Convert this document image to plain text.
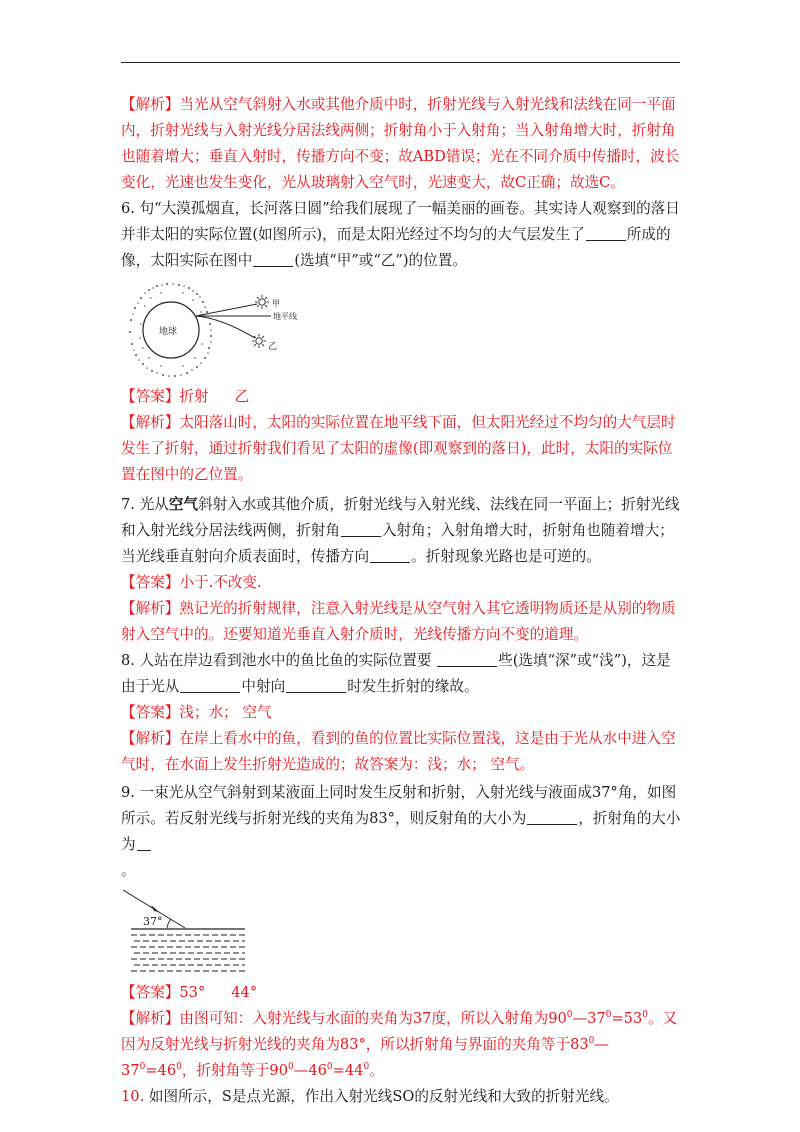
【解析】当光从空气斜射入水或其他介质中时，折射光线与入射光线和法线在同一平面内，折射光线与入射光线分居法线两侧；折射角小于入射角；当入射角增大时，折射角也随着增大；垂直入射时，传播方向不变；故ABD错误；光在不同介质中传播时，波长变化，光速也发生变化，光从玻璃射入空气时，光速变大，故C正确；故选C。

6. 句“大漠孤烟直，长河落日圆”给我们展现了一幅美丽的画卷。其实诗人观察到的落日并非太阳的实际位置(如图所示)，而是太阳光经过不均匀的大气层发生了	所成的像，太阳实际在图中	(选填“甲”或“乙”)的位置。

地球
地平线
甲
乙

【答案】折射 乙

【解析】太阳落山时，太阳的实际位置在地平线下面，但太阳光经过不均匀的大气层时发生了折射，通过折射我们看见了太阳的虚像(即观察到的落日)，此时，太阳的实际位置在图中的乙位置。

7. 光从空气斜射入水或其他介质，折射光线与入射光线、法线在同一平面上；折射光线和入射光线分居法线两侧，折射角	入射角；入射角增大时，折射角也随着增大；当光线垂直射向介质表面时，传播方向	。折射现象光路也是可逆的。

【答案】小于.不改变.

【解析】熟记光的折射规律，注意入射光线是从空气射入其它透明物质还是从别的物质射入空气中的。还要知道光垂直入射介质时，光线传播方向不变的道理。

8. 人站在岸边看到池水中的鱼比鱼的实际位置要	些(选填“深”或“浅”)，这是由于光从	中射向	时发生折射的缘故。

【答案】浅；水； 空气

【解析】在岸上看水中的鱼，看到的鱼的位置比实际位置浅，这是由于光从水中进入空气时，在水面上发生折射光造成的；故答案为：浅；水； 空气。

9. 一束光从空气斜射到某液面上同时发生反射和折射，入射光线与液面成37°角，如图所示。若反射光线与折射光线的夹角为83°，则反射角的大小为	，折射角的大小为
。

37°

【答案】53° 44°

【解析】由图可知：入射光线与水面的夹角为37度，所以入射角为$90^0—37^0=53^0$。又因为反射光线与折射光线的夹角为83°，所以折射角与界面的夹角等于$83^0—37^0=46^0$，折射角等于$90^0—46^0=44^0$。

10. 如图所示，S是点光源，作出入射光线SO的反射光线和大致的折射光线。
